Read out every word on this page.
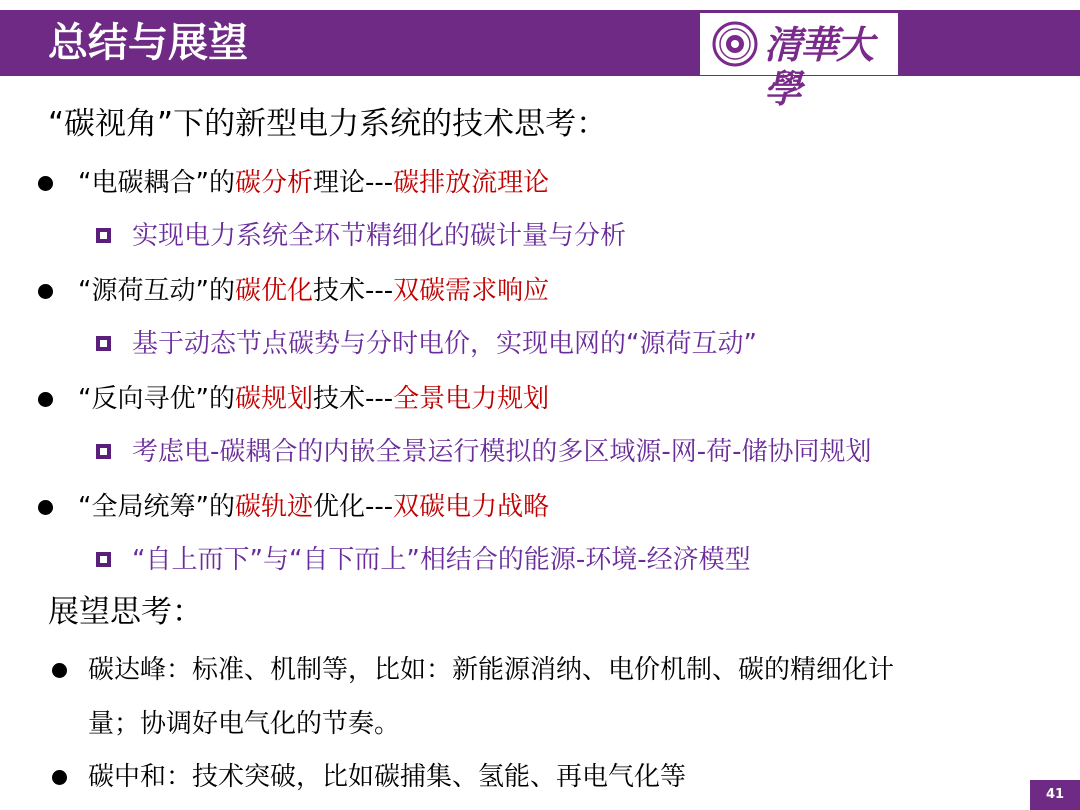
总结与展望	清華大學
“碳视角”下的新型电力系统的技术思考：
“电碳耦合”的碳分析理论---碳排放流理论
实现电力系统全环节精细化的碳计量与分析
“源荷互动”的碳优化技术---双碳需求响应
基于动态节点碳势与分时电价，实现电网的“源荷互动”
“反向寻优”的碳规划技术---全景电力规划
考虑电-碳耦合的内嵌全景运行模拟的多区域源-网-荷-储协同规划
“全局统筹”的碳轨迹优化---双碳电力战略
“自上而下”与“自下而上”相结合的能源-环境-经济模型
展望思考：
碳达峰：标准、机制等，比如：新能源消纳、电价机制、碳的精细化计
量；协调好电气化的节奏。
碳中和：技术突破，比如碳捕集、氢能、再电气化等
41
